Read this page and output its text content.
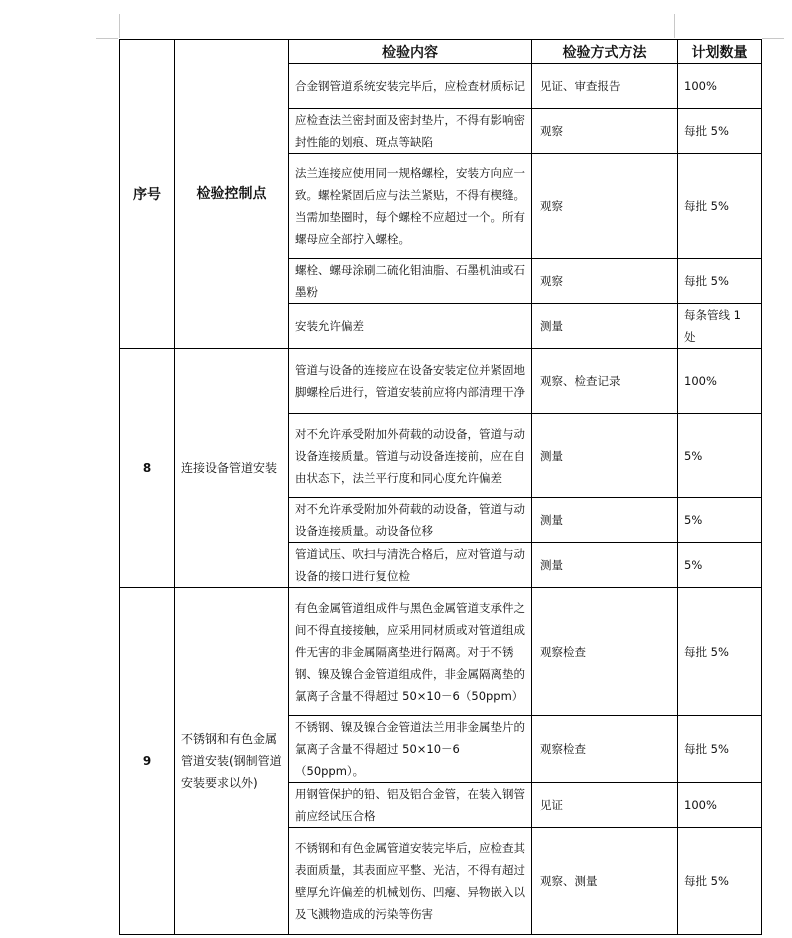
序号	检验控制点	检验内容	检验方式方法	计划数量
		合金钢管道系统安装完毕后，应检查材质标记	见证、审查报告	100%
		应检查法兰密封面及密封垫片，不得有影响密封性能的划痕、斑点等缺陷	观察	每批 5%
		法兰连接应使用同一规格螺栓，安装方向应一致。螺栓紧固后应与法兰紧贴，不得有楔缝。当需加垫圈时，每个螺栓不应超过一个。所有螺母应全部拧入螺栓。	观察	每批 5%
		螺栓、螺母涂刷二硫化钼油脂、石墨机油或石墨粉	观察	每批 5%
		安装允许偏差	测量	每条管线 1 处
8	连接设备管道安装	管道与设备的连接应在设备安装定位并紧固地脚螺栓后进行，管道安装前应将内部清理干净	观察、检查记录	100%
		对不允许承受附加外荷载的动设备，管道与动设备连接质量。管道与动设备连接前，应在自由状态下，法兰平行度和同心度允许偏差	测量	5%
		对不允许承受附加外荷载的动设备，管道与动设备连接质量。动设备位移	测量	5%
		管道试压、吹扫与清洗合格后，应对管道与动设备的接口进行复位检	测量	5%
9	不锈钢和有色金属管道安装(钢制管道安装要求以外)	有色金属管道组成件与黑色金属管道支承件之间不得直接接触，应采用同材质或对管道组成件无害的非金属隔离垫进行隔离。对于不锈钢、镍及镍合金管道组成件，非金属隔离垫的氯离子含量不得超过 50×10－6（50ppm）	观察检查	每批 5%
		不锈钢、镍及镍合金管道法兰用非金属垫片的氯离子含量不得超过 50×10－6（50ppm）。	观察检查	每批 5%
		用钢管保护的铅、铝及铝合金管，在装入钢管前应经试压合格	见证	100%
		不锈钢和有色金属管道安装完毕后，应检查其表面质量，其表面应平整、光洁，不得有超过壁厚允许偏差的机械划伤、凹瘪、异物嵌入以及飞溅物造成的污染等伤害	观察、测量	每批 5%
